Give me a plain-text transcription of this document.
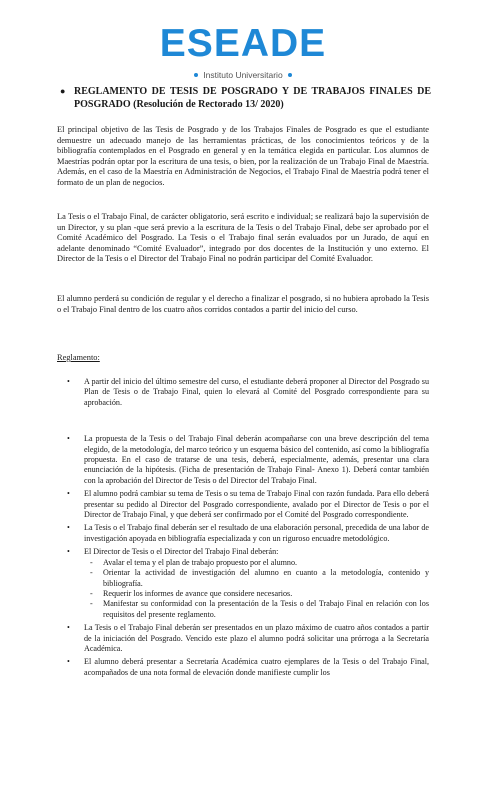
ESEADE
Instituto Universitario
● REGLAMENTO DE TESIS DE POSGRADO Y DE TRABAJOS FINALES DE
POSGRADO (Resolución de Rectorado 13/ 2020)

El principal objetivo de las Tesis de Posgrado y de los Trabajos Finales de Posgrado es que el estudiante demuestre un adecuado manejo de las herramientas prácticas, de los conocimientos teóricos y de la bibliografía contemplados en el Posgrado en general y en la temática elegida en particular. Los alumnos de Maestrías podrán optar por la escritura de una tesis, o bien, por la realización de un Trabajo Final de Maestría. Además, en el caso de la Maestría en Administración de Negocios, el Trabajo Final de Maestría podrá tener el formato de un plan de negocios.

La Tesis o el Trabajo Final, de carácter obligatorio, será escrito e individual; se realizará bajo la supervisión de un Director, y su plan -que será previo a la escritura de la Tesis o del Trabajo Final, debe ser aprobado por el Comité Académico del Posgrado. La Tesis o el Trabajo final serán evaluados por un Jurado, de aquí en adelante denominado “Comité Evaluador”, integrado por dos docentes de la Institución y uno externo. El Director de la Tesis o el Director del Trabajo Final no podrán participar del Comité Evaluador.

El alumno perderá su condición de regular y el derecho a finalizar el posgrado, si no hubiera aprobado la Tesis o el Trabajo Final dentro de los cuatro años corridos contados a partir del inicio del curso.

Reglamento:
• A partir del inicio del último semestre del curso, el estudiante deberá proponer al Director del Posgrado su Plan de Tesis o de Trabajo Final, quien lo elevará al Comité del Posgrado correspondiente para su aprobación.
• La propuesta de la Tesis o del Trabajo Final deberán acompañarse con una breve descripción del tema elegido, de la metodología, del marco teórico y un esquema básico del contenido, así como la bibliografía propuesta. En el caso de tratarse de una tesis, deberá, especialmente, además, presentar una clara enunciación de la hipótesis. (Ficha de presentación de Trabajo Final- Anexo 1). Deberá contar también con la aprobación del Director de Tesis o del Director del Trabajo Final.
• El alumno podrá cambiar su tema de Tesis o su tema de Trabajo Final con razón fundada. Para ello deberá presentar su pedido al Director del Posgrado correspondiente, avalado por el Director de Tesis o por el Director de Trabajo Final, y que deberá ser confirmado por el Comité del Posgrado correspondiente.
• La Tesis o el Trabajo final deberán ser el resultado de una elaboración personal, precedida de una labor de investigación apoyada en bibliografía especializada y con un riguroso encuadre metodológico.
• El Director de Tesis o el Director del Trabajo Final deberán:
- Avalar el tema y el plan de trabajo propuesto por el alumno.
- Orientar la actividad de investigación del alumno en cuanto a la metodología, contenido y bibliografía.
- Requerir los informes de avance que considere necesarios.
- Manifestar su conformidad con la presentación de la Tesis o del Trabajo Final en relación con los requisitos del presente reglamento.
• La Tesis o el Trabajo Final deberán ser presentados en un plazo máximo de cuatro años contados a partir de la iniciación del Posgrado. Vencido este plazo el alumno podrá solicitar una prórroga a la Secretaría Académica.
• El alumno deberá presentar a Secretaría Académica cuatro ejemplares de la Tesis o del Trabajo Final, acompañados de una nota formal de elevación donde manifieste cumplir los
